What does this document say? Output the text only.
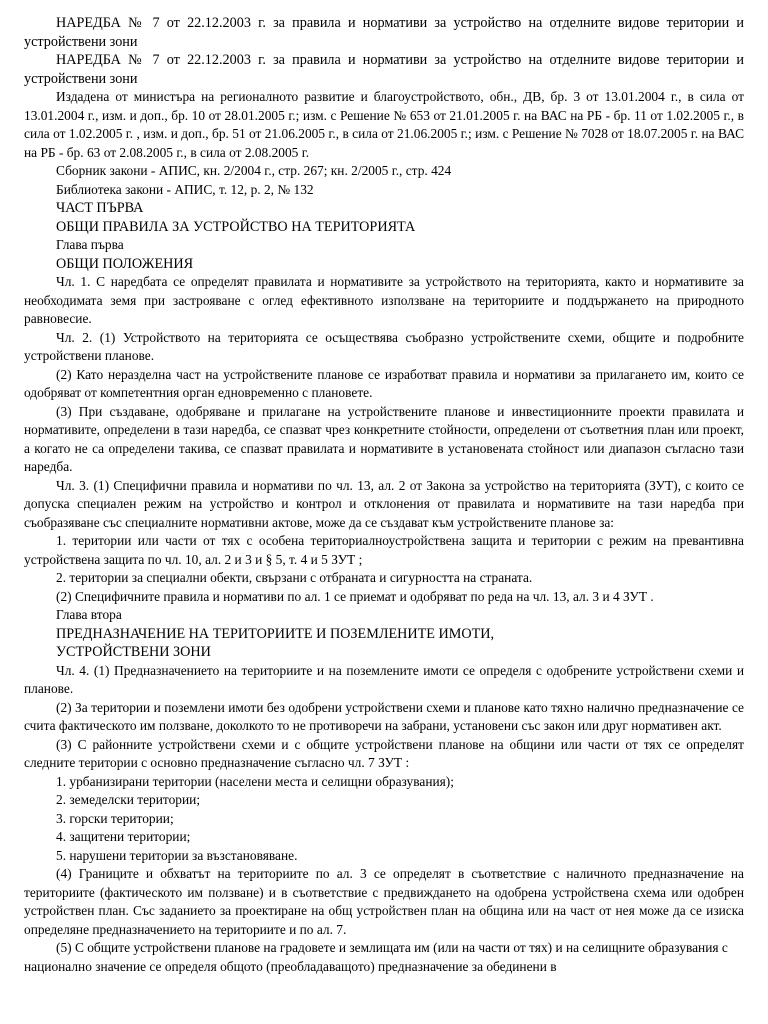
НАРЕДБА № 7 от 22.12.2003 г. за правила и нормативи за устройство на отделните видове територии и устройствени зони

НАРЕДБА № 7 от 22.12.2003 г. за правила и нормативи за устройство на отделните видове територии и устройствени зони

Издадена от министъра на регионалното развитие и благоустройството, обн., ДВ, бр. 3 от 13.01.2004 г., в сила от 13.01.2004 г., изм. и доп., бр. 10 от 28.01.2005 г.; изм. с Решение № 653 от 21.01.2005 г. на ВАС на РБ - бр. 11 от 1.02.2005 г., в сила от 1.02.2005 г. , изм. и доп., бр. 51 от 21.06.2005 г., в сила от 21.06.2005 г.; изм. с Решение № 7028 от 18.07.2005 г. на ВАС на РБ - бр. 63 от 2.08.2005 г., в сила от 2.08.2005 г.

Сборник закони - АПИС, кн. 2/2004 г., стр. 267; кн. 2/2005 г., стр. 424

Библиотека закони - АПИС, т. 12, р. 2, № 132

ЧАСТ ПЪРВА

ОБЩИ ПРАВИЛА ЗА УСТРОЙСТВО НА ТЕРИТОРИЯТА

Глава първа

ОБЩИ ПОЛОЖЕНИЯ

Чл. 1. С наредбата се определят правилата и нормативите за устройството на територията, както и нормативите за необходимата земя при застрояване с оглед ефективното използване на териториите и поддържането на природното равновесие.

Чл. 2. (1) Устройството на територията се осъществява съобразно устройствените схеми, общите и подробните устройствени планове.

(2) Като неразделна част на устройствените планове се изработват правила и нормативи за прилагането им, които се одобряват от компетентния орган едновременно с плановете.

(3) При създаване, одобряване и прилагане на устройствените планове и инвестиционните проекти правилата и нормативите, определени в тази наредба, се спазват чрез конкретните стойности, определени от съответния план или проект, а когато не са определени такива, се спазват правилата и нормативите в установената стойност или диапазон съгласно тази наредба.

Чл. 3. (1) Специфични правила и нормативи по чл. 13, ал. 2 от Закона за устройство на територията (ЗУТ), с които се допуска специален режим на устройство и контрол и отклонения от правилата и нормативите на тази наредба при съобразяване със специалните нормативни актове, може да се създават към устройствените планове за:

1. територии или части от тях с особена териториалноустройствена защита и територии с режим на превантивна устройствена защита по чл. 10, ал. 2 и 3 и § 5, т. 4 и 5 ЗУТ ;

2. територии за специални обекти, свързани с отбраната и сигурността на страната.

(2) Специфичните правила и нормативи по ал. 1 се приемат и одобряват по реда на чл. 13, ал. 3 и 4 ЗУТ .

Глава втора

ПРЕДНАЗНАЧЕНИЕ НА ТЕРИТОРИИТЕ И ПОЗЕМЛЕНИТЕ ИМОТИ,

УСТРОЙСТВЕНИ ЗОНИ

Чл. 4. (1) Предназначението на териториите и на поземлените имоти се определя с одобрените устройствени схеми и планове.

(2) За територии и поземлени имоти без одобрени устройствени схеми и планове като тяхно налично предназначение се счита фактическото им ползване, доколкото то не противоречи на забрани, установени със закон или друг нормативен акт.

(3) С районните устройствени схеми и с общите устройствени планове на общини или части от тях се определят следните територии с основно предназначение съгласно чл. 7 ЗУТ :

1. урбанизирани територии (населени места и селищни образувания);

2. земеделски територии;

3. горски територии;

4. защитени територии;

5. нарушени територии за възстановяване.

(4) Границите и обхватът на териториите по ал. 3 се определят в съответствие с наличното предназначение на териториите (фактическото им ползване) и в съответствие с предвиждането на одобрена устройствена схема или одобрен устройствен план. Със заданието за проектиране на общ устройствен план на община или на част от нея може да се изиска определяне предназначението на териториите и по ал. 7.

(5) С общите устройствени планове на градовете и землищата им (или на части от тях) и на селищните образувания с национално значение се определя общото (преобладаващото) предназначение за обединени в
